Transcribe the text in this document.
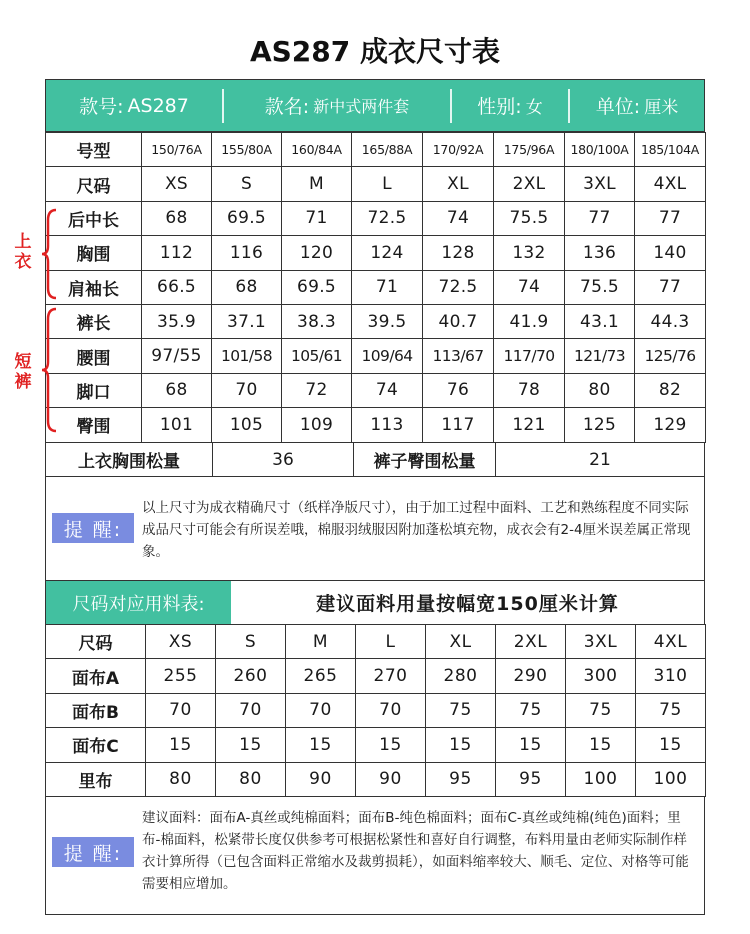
AS287 成衣尺寸表
款号: AS287	款名: 新中式两件套	性别: 女	单位: 厘米
号型	150/76A	155/80A	160/84A	165/88A	170/92A	175/96A	180/100A	185/104A
尺码	XS	S	M	L	XL	2XL	3XL	4XL
后中长	68	69.5	71	72.5	74	75.5	77	77
胸围	112	116	120	124	128	132	136	140
肩袖长	66.5	68	69.5	71	72.5	74	75.5	77
裤长	35.9	37.1	38.3	39.5	40.7	41.9	43.1	44.3
腰围	97/55	101/58	105/61	109/64	113/67	117/70	121/73	125/76
脚口	68	70	72	74	76	78	80	82
臀围	101	105	109	113	117	121	125	129
上衣胸围松量	36	裤子臀围松量	21
提 醒:
以上尺寸为成衣精确尺寸（纸样净版尺寸），由于加工过程中面料、工艺和熟练程度不同实际成品尺寸可能会有所误差哦，棉服羽绒服因附加蓬松填充物，成衣会有2-4厘米误差属正常现象。
尺码对应用料表:	建议面料用量按幅宽150厘米计算
尺码	XS	S	M	L	XL	2XL	3XL	4XL
面布A	255	260	265	270	280	290	300	310
面布B	70	70	70	70	75	75	75	75
面布C	15	15	15	15	15	15	15	15
里布	80	80	90	90	95	95	100	100
提 醒:
建议面料：面布A-真丝或纯棉面料；面布B-纯色棉面料；面布C-真丝或纯棉(纯色)面料；里布-棉面料，松紧带长度仅供参考可根据松紧性和喜好自行调整，布料用量由老师实际制作样衣计算所得（已包含面料正常缩水及裁剪损耗），如面料缩率较大、顺毛、定位、对格等可能需要相应增加。
上衣
短裤
